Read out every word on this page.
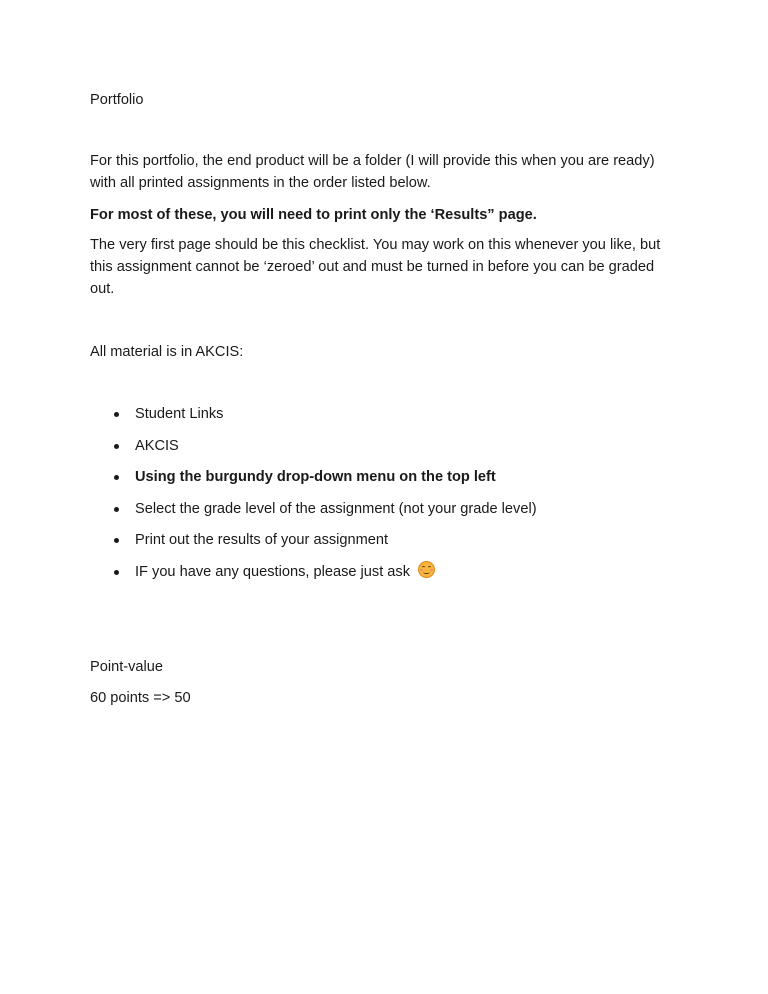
Portfolio

For this portfolio, the end product will be a folder (I will provide this when you are ready) with all printed assignments in the order listed below.

For most of these, you will need to print only the ‘Results” page.

The very first page should be this checklist. You may work on this whenever you like, but this assignment cannot be ‘zeroed’ out and must be turned in before you can be graded out.

All material is in AKCIS:

Student Links
AKCIS
Using the burgundy drop-down menu on the top left
Select the grade level of the assignment (not your grade level)
Print out the results of your assignment
IF you have any questions, please just ask

Point-value

60 points => 50
